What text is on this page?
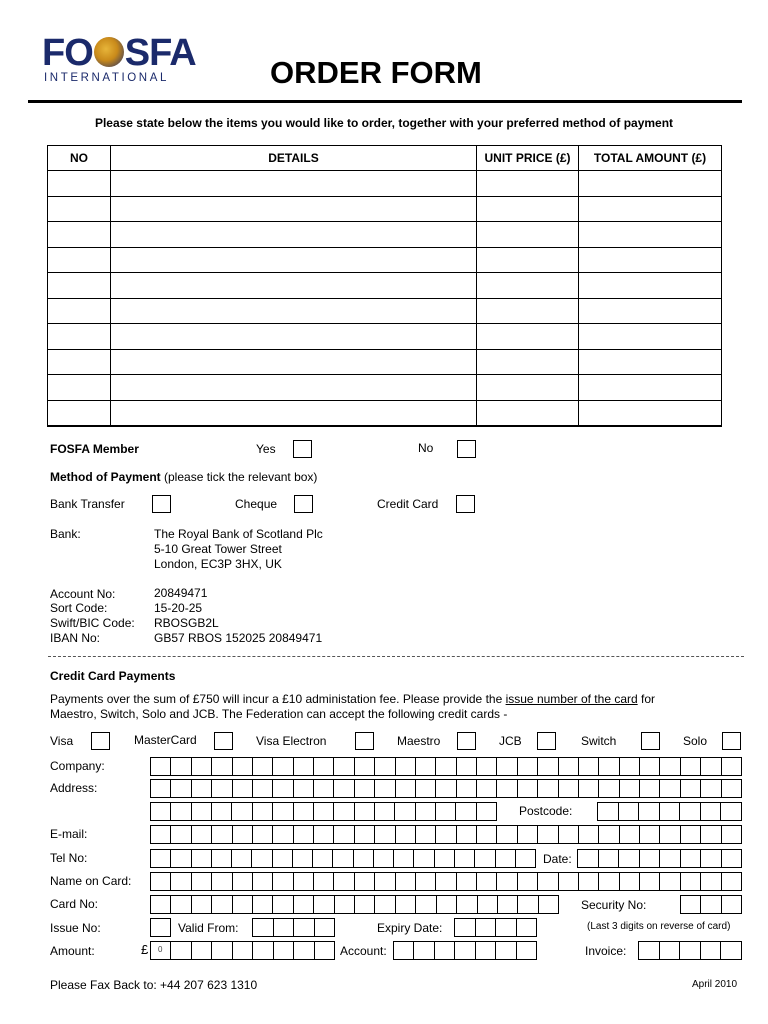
FO SFA
INTERNATIONAL	ORDER FORM
Please state below the items you would like to order, together with your preferred method of payment
NO	DETAILS	UNIT PRICE (£)	TOTAL AMOUNT (£)

FOSFA Member	Yes	No
Method of Payment (please tick the relevant box)
Bank Transfer	Cheque	Credit Card
Bank:	The Royal Bank of Scotland Plc
5-10 Great Tower Street
London, EC3P 3HX, UK
Account No:	20849471
Sort Code:	15-20-25
Swift/BIC Code: RBOSGB2L
IBAN No:	GB57 RBOS 152025 20849471
Credit Card Payments
Payments over the sum of £750 will incur a £10 administation fee. Please provide the issue number of the card for
Maestro, Switch, Solo and JCB. The Federation can accept the following credit cards -
Visa	MasterCard	Visa Electron	Maestro	JCB	Switch	Solo
Company:
Address:
Postcode:
E-mail:
Tel No:	Date:
Name on Card:
Card No:	Security No:
Issue No:	Valid From:	Expiry Date:	(Last 3 digits on reverse of card)
Amount:	£ 0	Account:	Invoice:
Please Fax Back to: +44 207 623 1310	April 2010
